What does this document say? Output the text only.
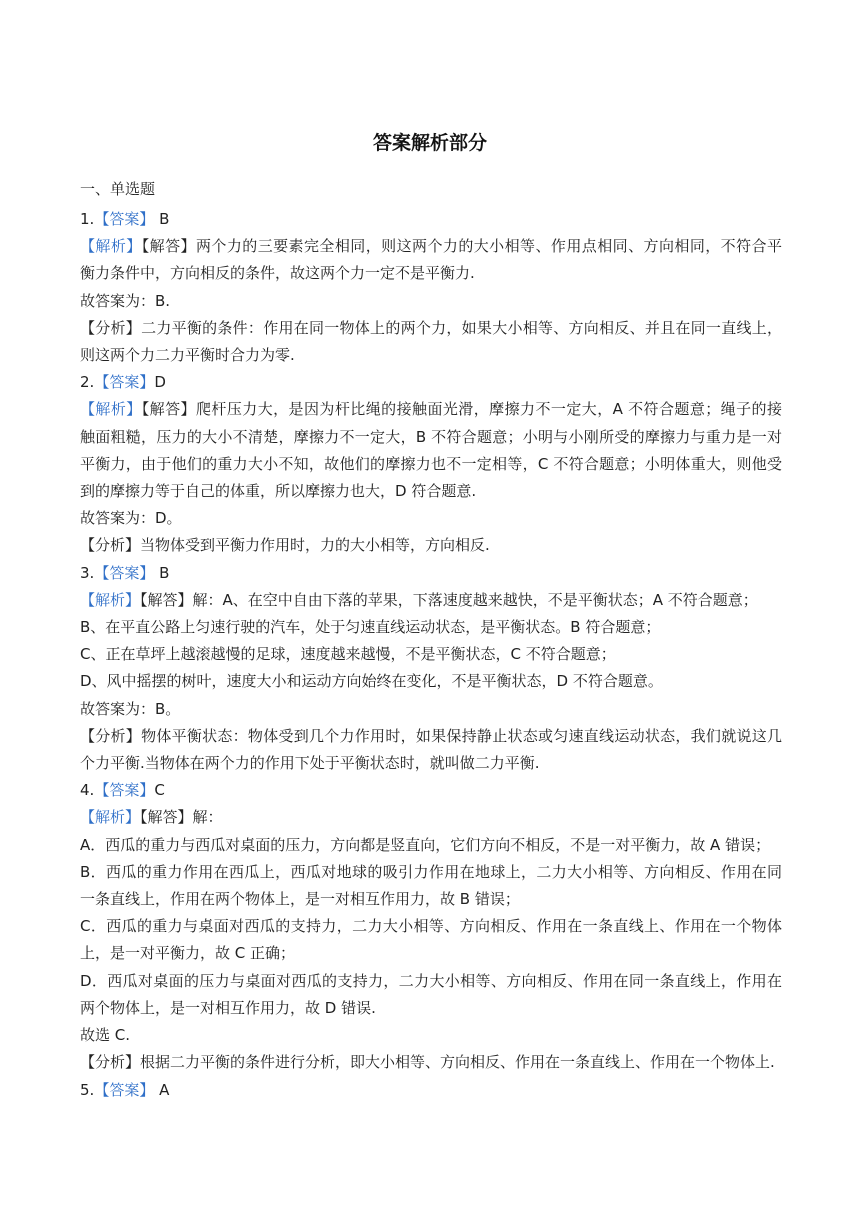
答案解析部分
一、单选题
1.【答案】 B
【解析】【解答】两个力的三要素完全相同，则这两个力的大小相等、作用点相同、方向相同，不符合平
衡力条件中，方向相反的条件，故这两个力一定不是平衡力.
故答案为：B.
【分析】二力平衡的条件：作用在同一物体上的两个力，如果大小相等、方向相反、并且在同一直线上，
则这两个力二力平衡时合力为零.
2.【答案】D
【解析】【解答】爬杆压力大，是因为杆比绳的接触面光滑，摩擦力不一定大，A 不符合题意；绳子的接
触面粗糙，压力的大小不清楚，摩擦力不一定大，B 不符合题意；小明与小刚所受的摩擦力与重力是一对
平衡力，由于他们的重力大小不知，故他们的摩擦力也不一定相等，C 不符合题意；小明体重大，则他受
到的摩擦力等于自己的体重，所以摩擦力也大，D 符合题意.
故答案为：D。
【分析】当物体受到平衡力作用时，力的大小相等，方向相反.
3.【答案】 B
【解析】【解答】解：A、在空中自由下落的苹果，下落速度越来越快，不是平衡状态；A 不符合题意；
B、在平直公路上匀速行驶的汽车，处于匀速直线运动状态，是平衡状态。B 符合题意；
C、正在草坪上越滚越慢的足球，速度越来越慢，不是平衡状态，C 不符合题意；
D、风中摇摆的树叶，速度大小和运动方向始终在变化，不是平衡状态，D 不符合题意。
故答案为：B。
【分析】物体平衡状态：物体受到几个力作用时，如果保持静止状态或匀速直线运动状态，我们就说这几
个力平衡.当物体在两个力的作用下处于平衡状态时，就叫做二力平衡.
4.【答案】C
【解析】【解答】解：
A．西瓜的重力与西瓜对桌面的压力，方向都是竖直向，它们方向不相反，不是一对平衡力，故 A 错误；
B．西瓜的重力作用在西瓜上，西瓜对地球的吸引力作用在地球上，二力大小相等、方向相反、作用在同
一条直线上，作用在两个物体上，是一对相互作用力，故 B 错误；
C．西瓜的重力与桌面对西瓜的支持力，二力大小相等、方向相反、作用在一条直线上、作用在一个物体
上，是一对平衡力，故 C 正确；
D．西瓜对桌面的压力与桌面对西瓜的支持力，二力大小相等、方向相反、作用在同一条直线上，作用在
两个物体上，是一对相互作用力，故 D 错误.
故选 C.
【分析】根据二力平衡的条件进行分析，即大小相等、方向相反、作用在一条直线上、作用在一个物体上.
5.【答案】 A
